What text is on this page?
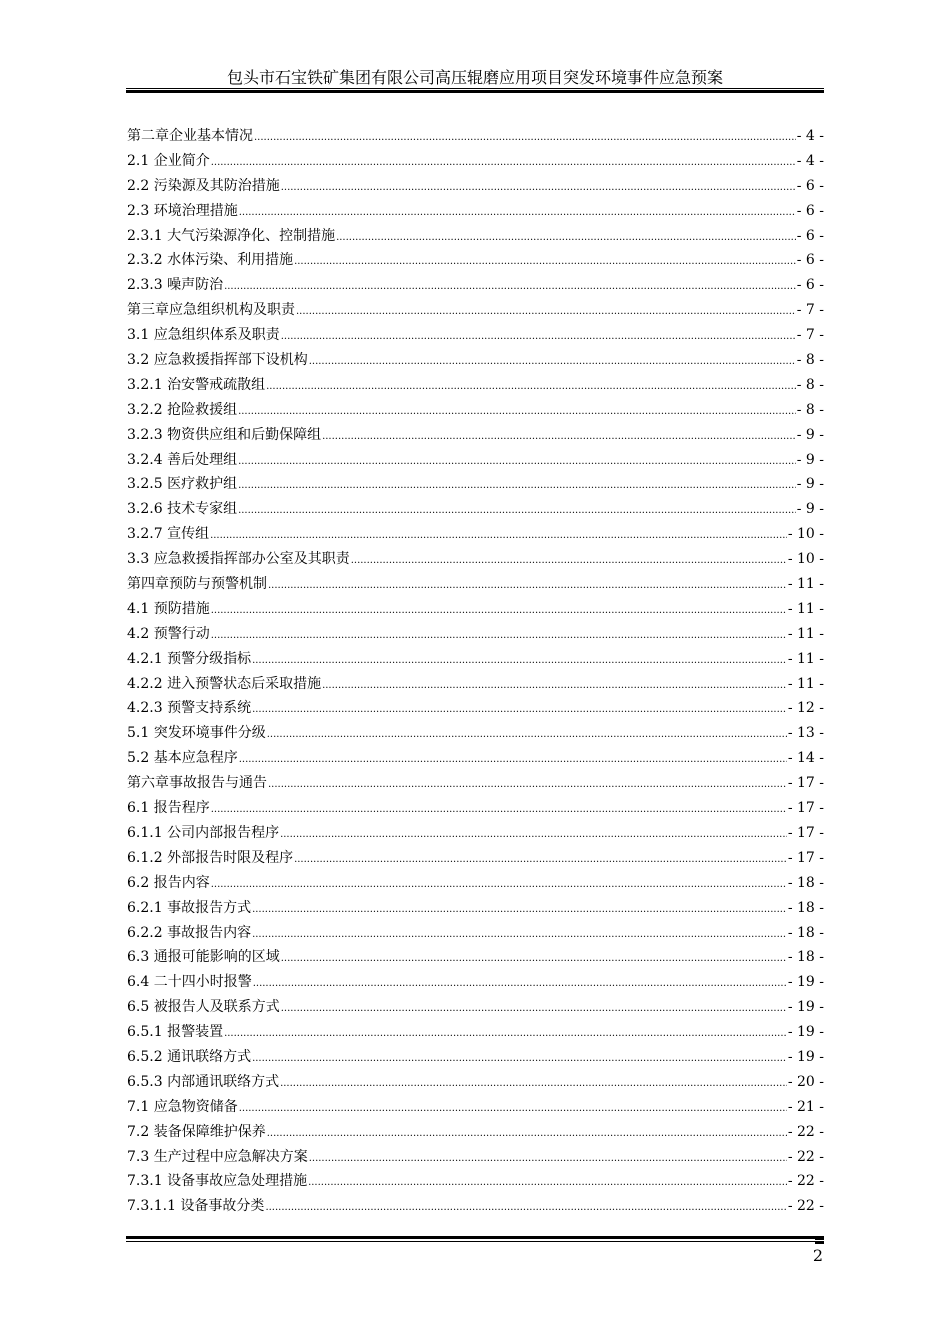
包头市石宝铁矿集团有限公司高压辊磨应用项目突发环境事件应急预案
第二章企业基本情况 .....	- 4 -
2.1 企业简介 .....	- 4 -
2.2 污染源及其防治措施 .....	- 6 -
2.3 环境治理措施 .....	- 6 -
2.3.1 大气污染源净化、控制措施 .....	- 6 -
2.3.2 水体污染、利用措施 .....	- 6 -
2.3.3 噪声防治 .....	- 6 -
第三章应急组织机构及职责 .....	- 7 -
3.1 应急组织体系及职责 .....	- 7 -
3.2 应急救援指挥部下设机构 .....	- 8 -
3.2.1 治安警戒疏散组 .....	- 8 -
3.2.2 抢险救援组 .....	- 8 -
3.2.3 物资供应组和后勤保障组 .....	- 9 -
3.2.4 善后处理组 .....	- 9 -
3.2.5 医疗救护组 .....	- 9 -
3.2.6 技术专家组 .....	- 9 -
3.2.7 宣传组 .....	- 10 -
3.3 应急救援指挥部办公室及其职责 .....	- 10 -
第四章预防与预警机制 .....	- 11 -
4.1 预防措施 .....	- 11 -
4.2 预警行动 .....	- 11 -
4.2.1 预警分级指标 .....	- 11 -
4.2.2 进入预警状态后采取措施 .....	- 11 -
4.2.3 预警支持系统 .....	- 12 -
5.1 突发环境事件分级 .....	- 13 -
5.2 基本应急程序 .....	- 14 -
第六章事故报告与通告 .....	- 17 -
6.1 报告程序 .....	- 17 -
6.1.1 公司内部报告程序 .....	- 17 -
6.1.2 外部报告时限及程序 .....	- 17 -
6.2 报告内容 .....	- 18 -
6.2.1 事故报告方式 .....	- 18 -
6.2.2 事故报告内容 .....	- 18 -
6.3 通报可能影响的区域 .....	- 18 -
6.4 二十四小时报警 .....	- 19 -
6.5 被报告人及联系方式 .....	- 19 -
6.5.1 报警装置 .....	- 19 -
6.5.2 通讯联络方式 .....	- 19 -
6.5.3 内部通讯联络方式 .....	- 20 -
7.1 应急物资储备 .....	- 21 -
7.2 装备保障维护保养 .....	- 22 -
7.3 生产过程中应急解决方案 .....	- 22 -
7.3.1 设备事故应急处理措施 .....	- 22 -
7.3.1.1 设备事故分类 .....	- 22 -
2
